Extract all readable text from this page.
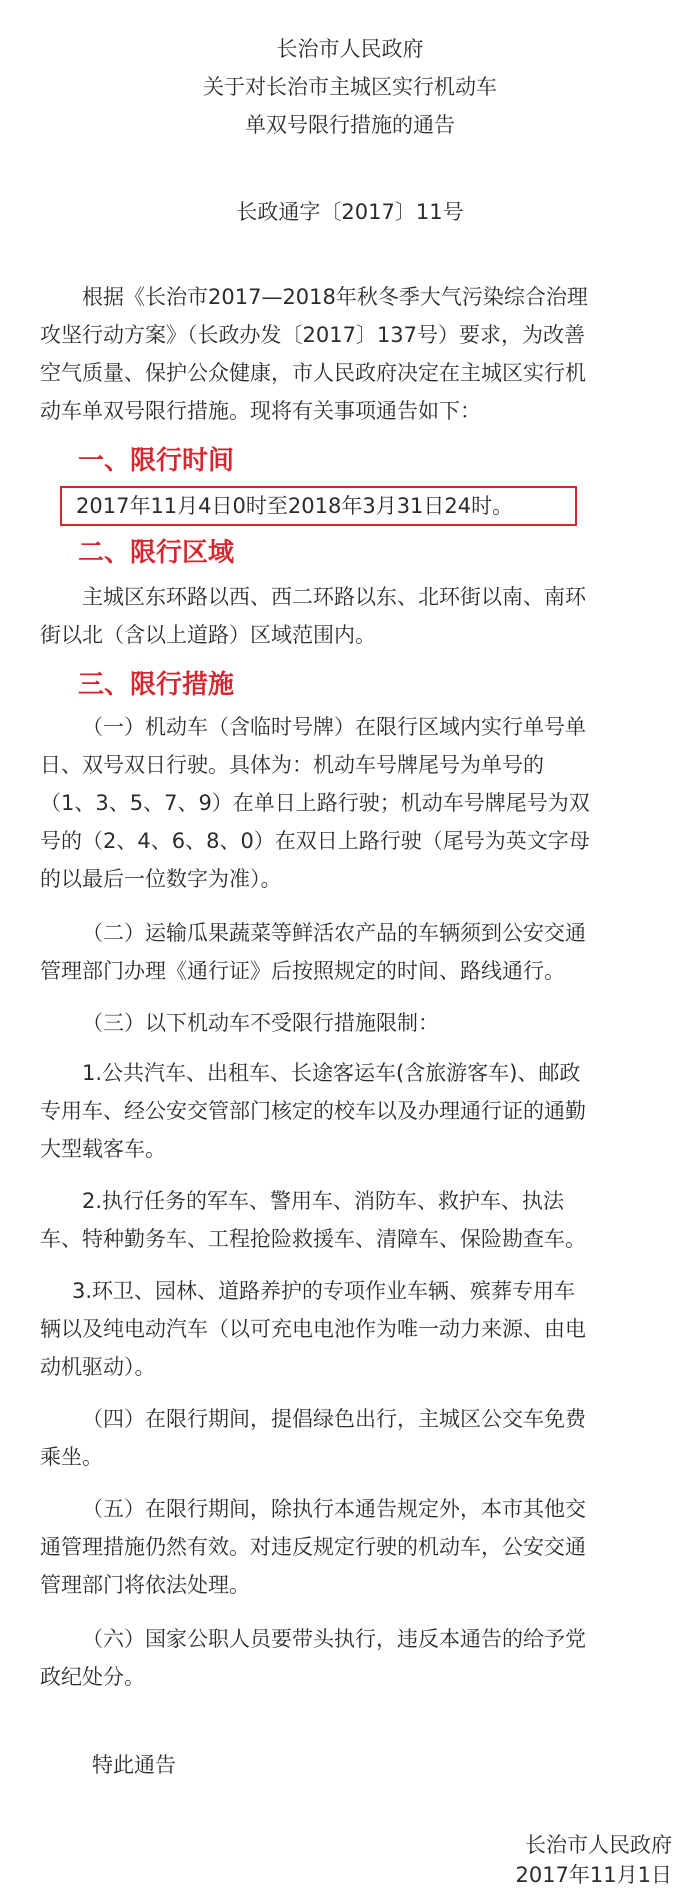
长治市人民政府
关于对长治市主城区实行机动车
单双号限行措施的通告
长政通字〔2017〕11号
根据《长治市2017—2018年秋冬季大气污染综合治理
攻坚行动方案》（长政办发〔2017〕137号）要求，为改善
空气质量、保护公众健康，市人民政府决定在主城区实行机
动车单双号限行措施。现将有关事项通告如下：
一、限行时间
2017年11月4日0时至2018年3月31日24时。
二、限行区域
主城区东环路以西、西二环路以东、北环街以南、南环
街以北（含以上道路）区域范围内。
三、限行措施
（一）机动车（含临时号牌）在限行区域内实行单号单
日、双号双日行驶。具体为：机动车号牌尾号为单号的
（1、3、5、7、9）在单日上路行驶；机动车号牌尾号为双
号的（2、4、6、8、0）在双日上路行驶（尾号为英文字母
的以最后一位数字为准）。
（二）运输瓜果蔬菜等鲜活农产品的车辆须到公安交通
管理部门办理《通行证》后按照规定的时间、路线通行。
（三）以下机动车不受限行措施限制：
1.公共汽车、出租车、长途客运车(含旅游客车)、邮政
专用车、经公安交管部门核定的校车以及办理通行证的通勤
大型载客车。
2.执行任务的军车、警用车、消防车、救护车、执法
车、特种勤务车、工程抢险救援车、清障车、保险勘查车。
3.环卫、园林、道路养护的专项作业车辆、殡葬专用车
辆以及纯电动汽车（以可充电电池作为唯一动力来源、由电
动机驱动）。
（四）在限行期间，提倡绿色出行，主城区公交车免费
乘坐。
（五）在限行期间，除执行本通告规定外，本市其他交
通管理措施仍然有效。对违反规定行驶的机动车，公安交通
管理部门将依法处理。
（六）国家公职人员要带头执行，违反本通告的给予党
政纪处分。
特此通告
长治市人民政府
2017年11月1日
